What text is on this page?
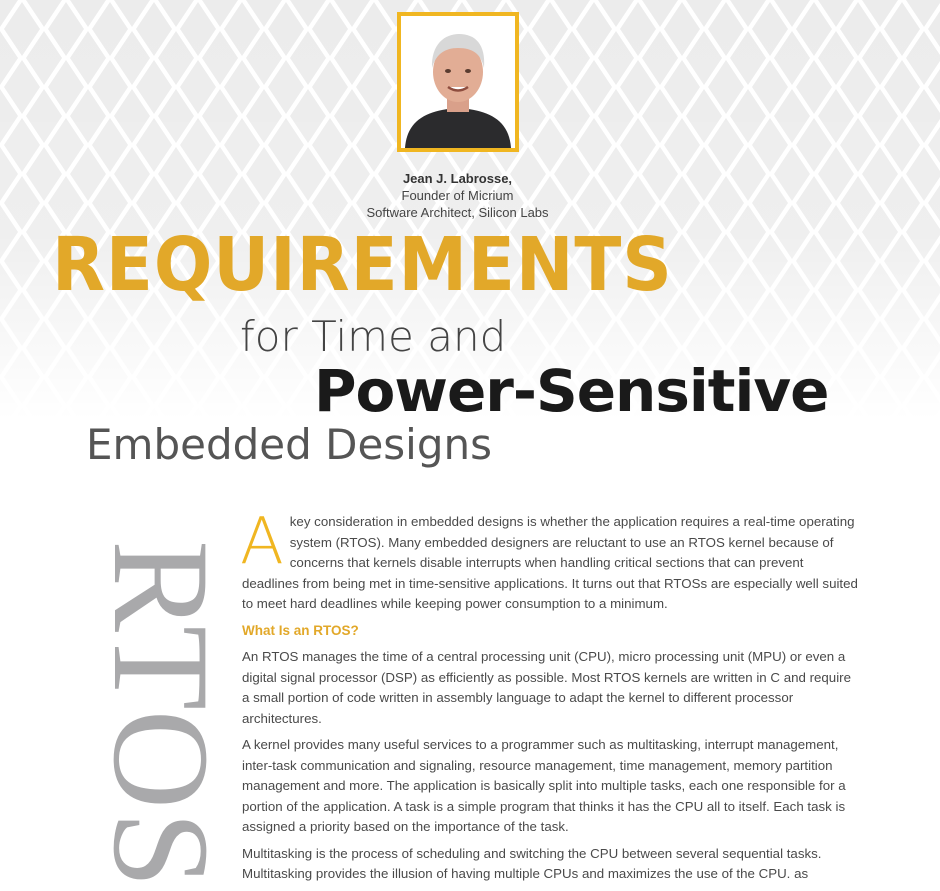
Jean J. Labrosse,
Founder of Micrium
Software Architect, Silicon Labs
REQUIREMENTS
for Time and
Power-Sensitive
Embedded Designs
RTOS A key consideration in embedded designs is whether the application requires a real-time operating system (RTOS). Many embedded designers are reluctant to use an RTOS kernel because of concerns that kernels disable interrupts when handling critical sections that can prevent deadlines from being met in time-sensitive applications. It turns out that RTOSs are especially well suited to meet hard deadlines while keeping power consumption to a minimum.

What Is an RTOS?

An RTOS manages the time of a central processing unit (CPU), micro processing unit (MPU) or even a digital signal processor (DSP) as efficiently as possible. Most RTOS kernels are written in C and require a small portion of code written in assembly language to adapt the kernel to different processor architectures.

A kernel provides many useful services to a programmer such as multitasking, interrupt management, inter-task communication and signaling, resource management, time management, memory partition management and more. The application is basically split into multiple tasks, each one responsible for a portion of the application. A task is a simple program that thinks it has the CPU all to itself. Each task is assigned a priority based on the importance of the task.

Multitasking is the process of scheduling and switching the CPU between several sequential tasks. Multitasking provides the illusion of having multiple CPUs and maximizes the use of the CPU. as
